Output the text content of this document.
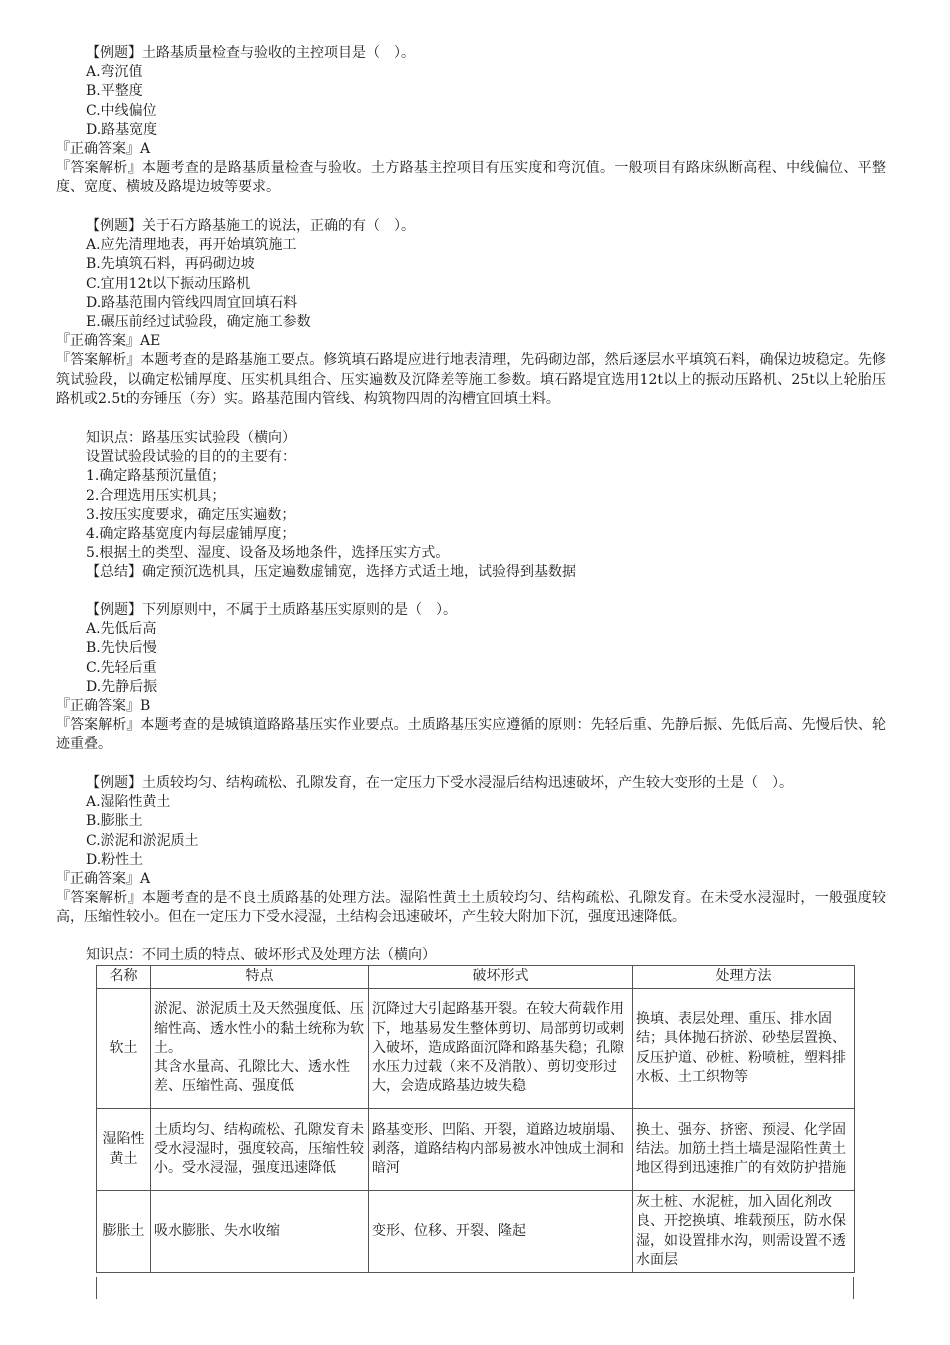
【例题】土路基质量检查与验收的主控项目是（　）。
A.弯沉值
B.平整度
C.中线偏位
D.路基宽度
『正确答案』A
『答案解析』本题考查的是路基质量检查与验收。土方路基主控项目有压实度和弯沉值。一般项目有路床纵断高程、中线偏位、平整度、宽度、横坡及路堤边坡等要求。
【例题】关于石方路基施工的说法，正确的有（　）。
A.应先清理地表，再开始填筑施工
B.先填筑石料，再码砌边坡
C.宜用12t以下振动压路机
D.路基范围内管线四周宜回填石料
E.碾压前经过试验段，确定施工参数
『正确答案』AE
『答案解析』本题考查的是路基施工要点。修筑填石路堤应进行地表清理，先码砌边部，然后逐层水平填筑石料，确保边坡稳定。先修筑试验段，以确定松铺厚度、压实机具组合、压实遍数及沉降差等施工参数。填石路堤宜选用12t以上的振动压路机、25t以上轮胎压路机或2.5t的夯锤压（夯）实。路基范围内管线、构筑物四周的沟槽宜回填土料。
知识点：路基压实试验段（横向）
设置试验段试验的目的的主要有：
1.确定路基预沉量值；
2.合理选用压实机具；
3.按压实度要求，确定压实遍数；
4.确定路基宽度内每层虚铺厚度；
5.根据土的类型、湿度、设备及场地条件，选择压实方式。
【总结】确定预沉选机具，压定遍数虚铺宽，选择方式适土地，试验得到基数据
【例题】下列原则中，不属于土质路基压实原则的是（　）。
A.先低后高
B.先快后慢
C.先轻后重
D.先静后振
『正确答案』B
『答案解析』本题考查的是城镇道路路基压实作业要点。土质路基压实应遵循的原则：先轻后重、先静后振、先低后高、先慢后快、轮迹重叠。
【例题】土质较均匀、结构疏松、孔隙发育，在一定压力下受水浸湿后结构迅速破坏，产生较大变形的土是（　）。
A.湿陷性黄土
B.膨胀土
C.淤泥和淤泥质土
D.粉性土
『正确答案』A
『答案解析』本题考查的是不良土质路基的处理方法。湿陷性黄土土质较均匀、结构疏松、孔隙发育。在未受水浸湿时，一般强度较高，压缩性较小。但在一定压力下受水浸湿，土结构会迅速破坏，产生较大附加下沉，强度迅速降低。
知识点：不同土质的特点、破坏形式及处理方法（横向）
名称	特点	破坏形式	处理方法
软土	淤泥、淤泥质土及天然强度低、压缩性高、透水性小的黏土统称为软土。
其含水量高、孔隙比大、透水性差、压缩性高、强度低	沉降过大引起路基开裂。在较大荷载作用下，地基易发生整体剪切、局部剪切或剌入破坏，造成路面沉降和路基失稳；孔隙水压力过载（来不及消散）、剪切变形过大，会造成路基边坡失稳	换填、表层处理、重压、排水固结；具体抛石挤淤、砂垫层置换、反压护道、砂桩、粉喷桩，塑料排水板、土工织物等
湿陷性黄土	土质均匀、结构疏松、孔隙发育未受水浸湿时，强度较高，压缩性较小。受水浸湿，强度迅速降低	路基变形、凹陷、开裂，道路边坡崩塌、剥落，道路结构内部易被水冲蚀成土洞和暗河	换土、强夯、挤密、预浸、化学固结法。加筋土挡土墙是湿陷性黄土地区得到迅速推广的有效防护措施
膨胀土	吸水膨胀、失水收缩	变形、位移、开裂、隆起	灰土桩、水泥桩，加入固化剂改良、开挖换填、堆载预压，防水保湿，如设置排水沟，则需设置不透水面层
